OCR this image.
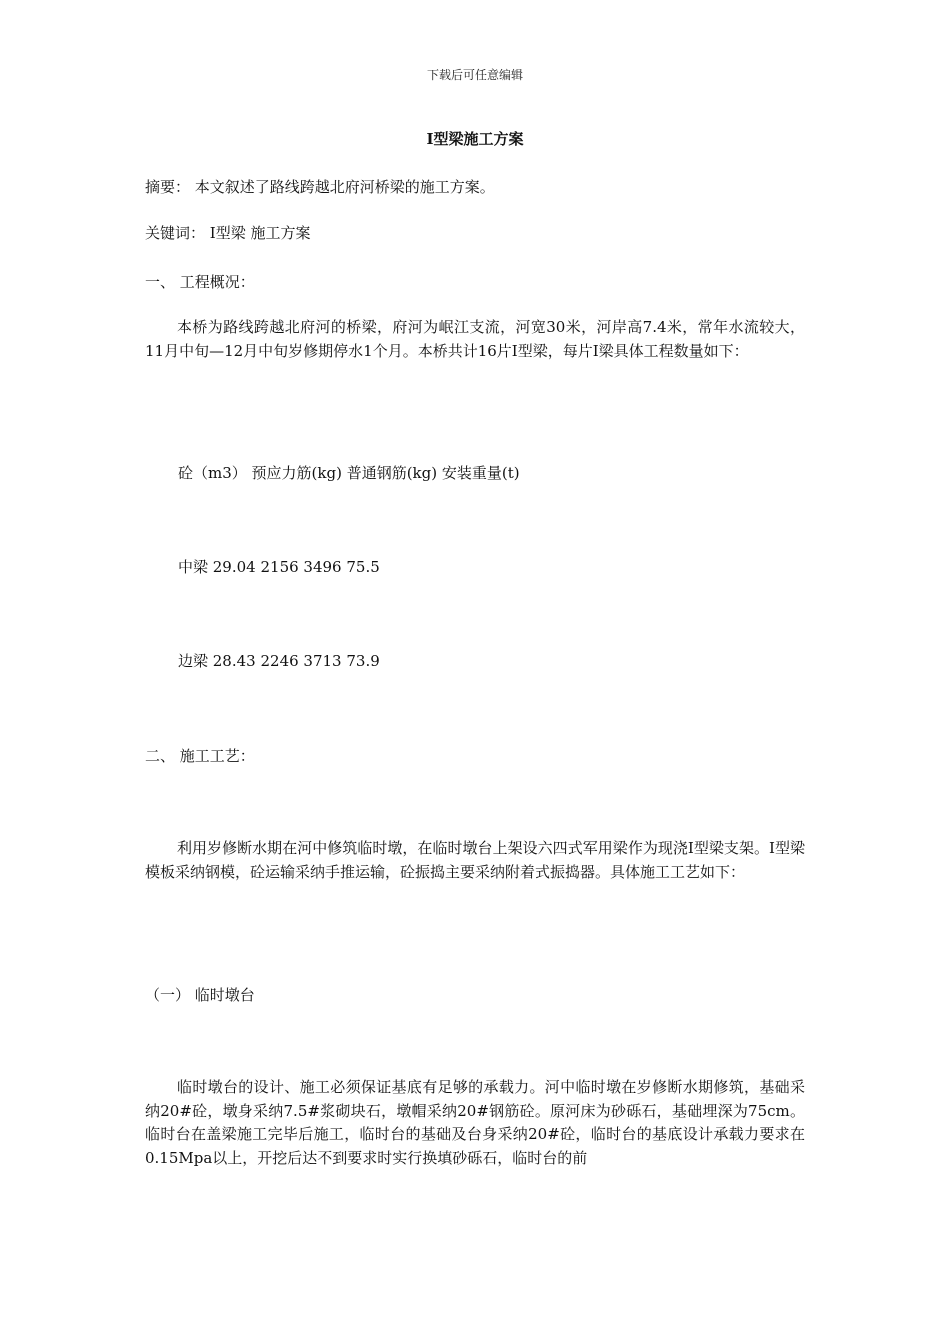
下载后可任意编辑
I型梁施工方案
摘要： 本文叙述了路线跨越北府河桥梁的施工方案。
关键词： I型梁 施工方案
一、 工程概况：
本桥为路线跨越北府河的桥梁，府河为岷江支流，河宽30米，河岸高7.4米，常年水流较大，11月中旬—12月中旬岁修期停水1个月。本桥共计16片I型梁，每片I梁具体工程数量如下：
砼（m3） 预应力筋(kg) 普通钢筋(kg) 安装重量(t)
中梁 29.04 2156 3496 75.5
边梁 28.43 2246 3713 73.9
二、 施工工艺：
利用岁修断水期在河中修筑临时墩，在临时墩台上架设六四式军用梁作为现浇I型梁支架。I型梁模板采纳钢模，砼运输采纳手推运输，砼振捣主要采纳附着式振捣器。具体施工工艺如下：
（一） 临时墩台
临时墩台的设计、施工必须保证基底有足够的承载力。河中临时墩在岁修断水期修筑，基础采纳20#砼，墩身采纳7.5#浆砌块石，墩帽采纳20#钢筋砼。原河床为砂砾石，基础埋深为75cm。临时台在盖梁施工完毕后施工，临时台的基础及台身采纳20#砼，临时台的基底设计承载力要求在0.15Mpa以上，开挖后达不到要求时实行换填砂砾石，临时台的前
